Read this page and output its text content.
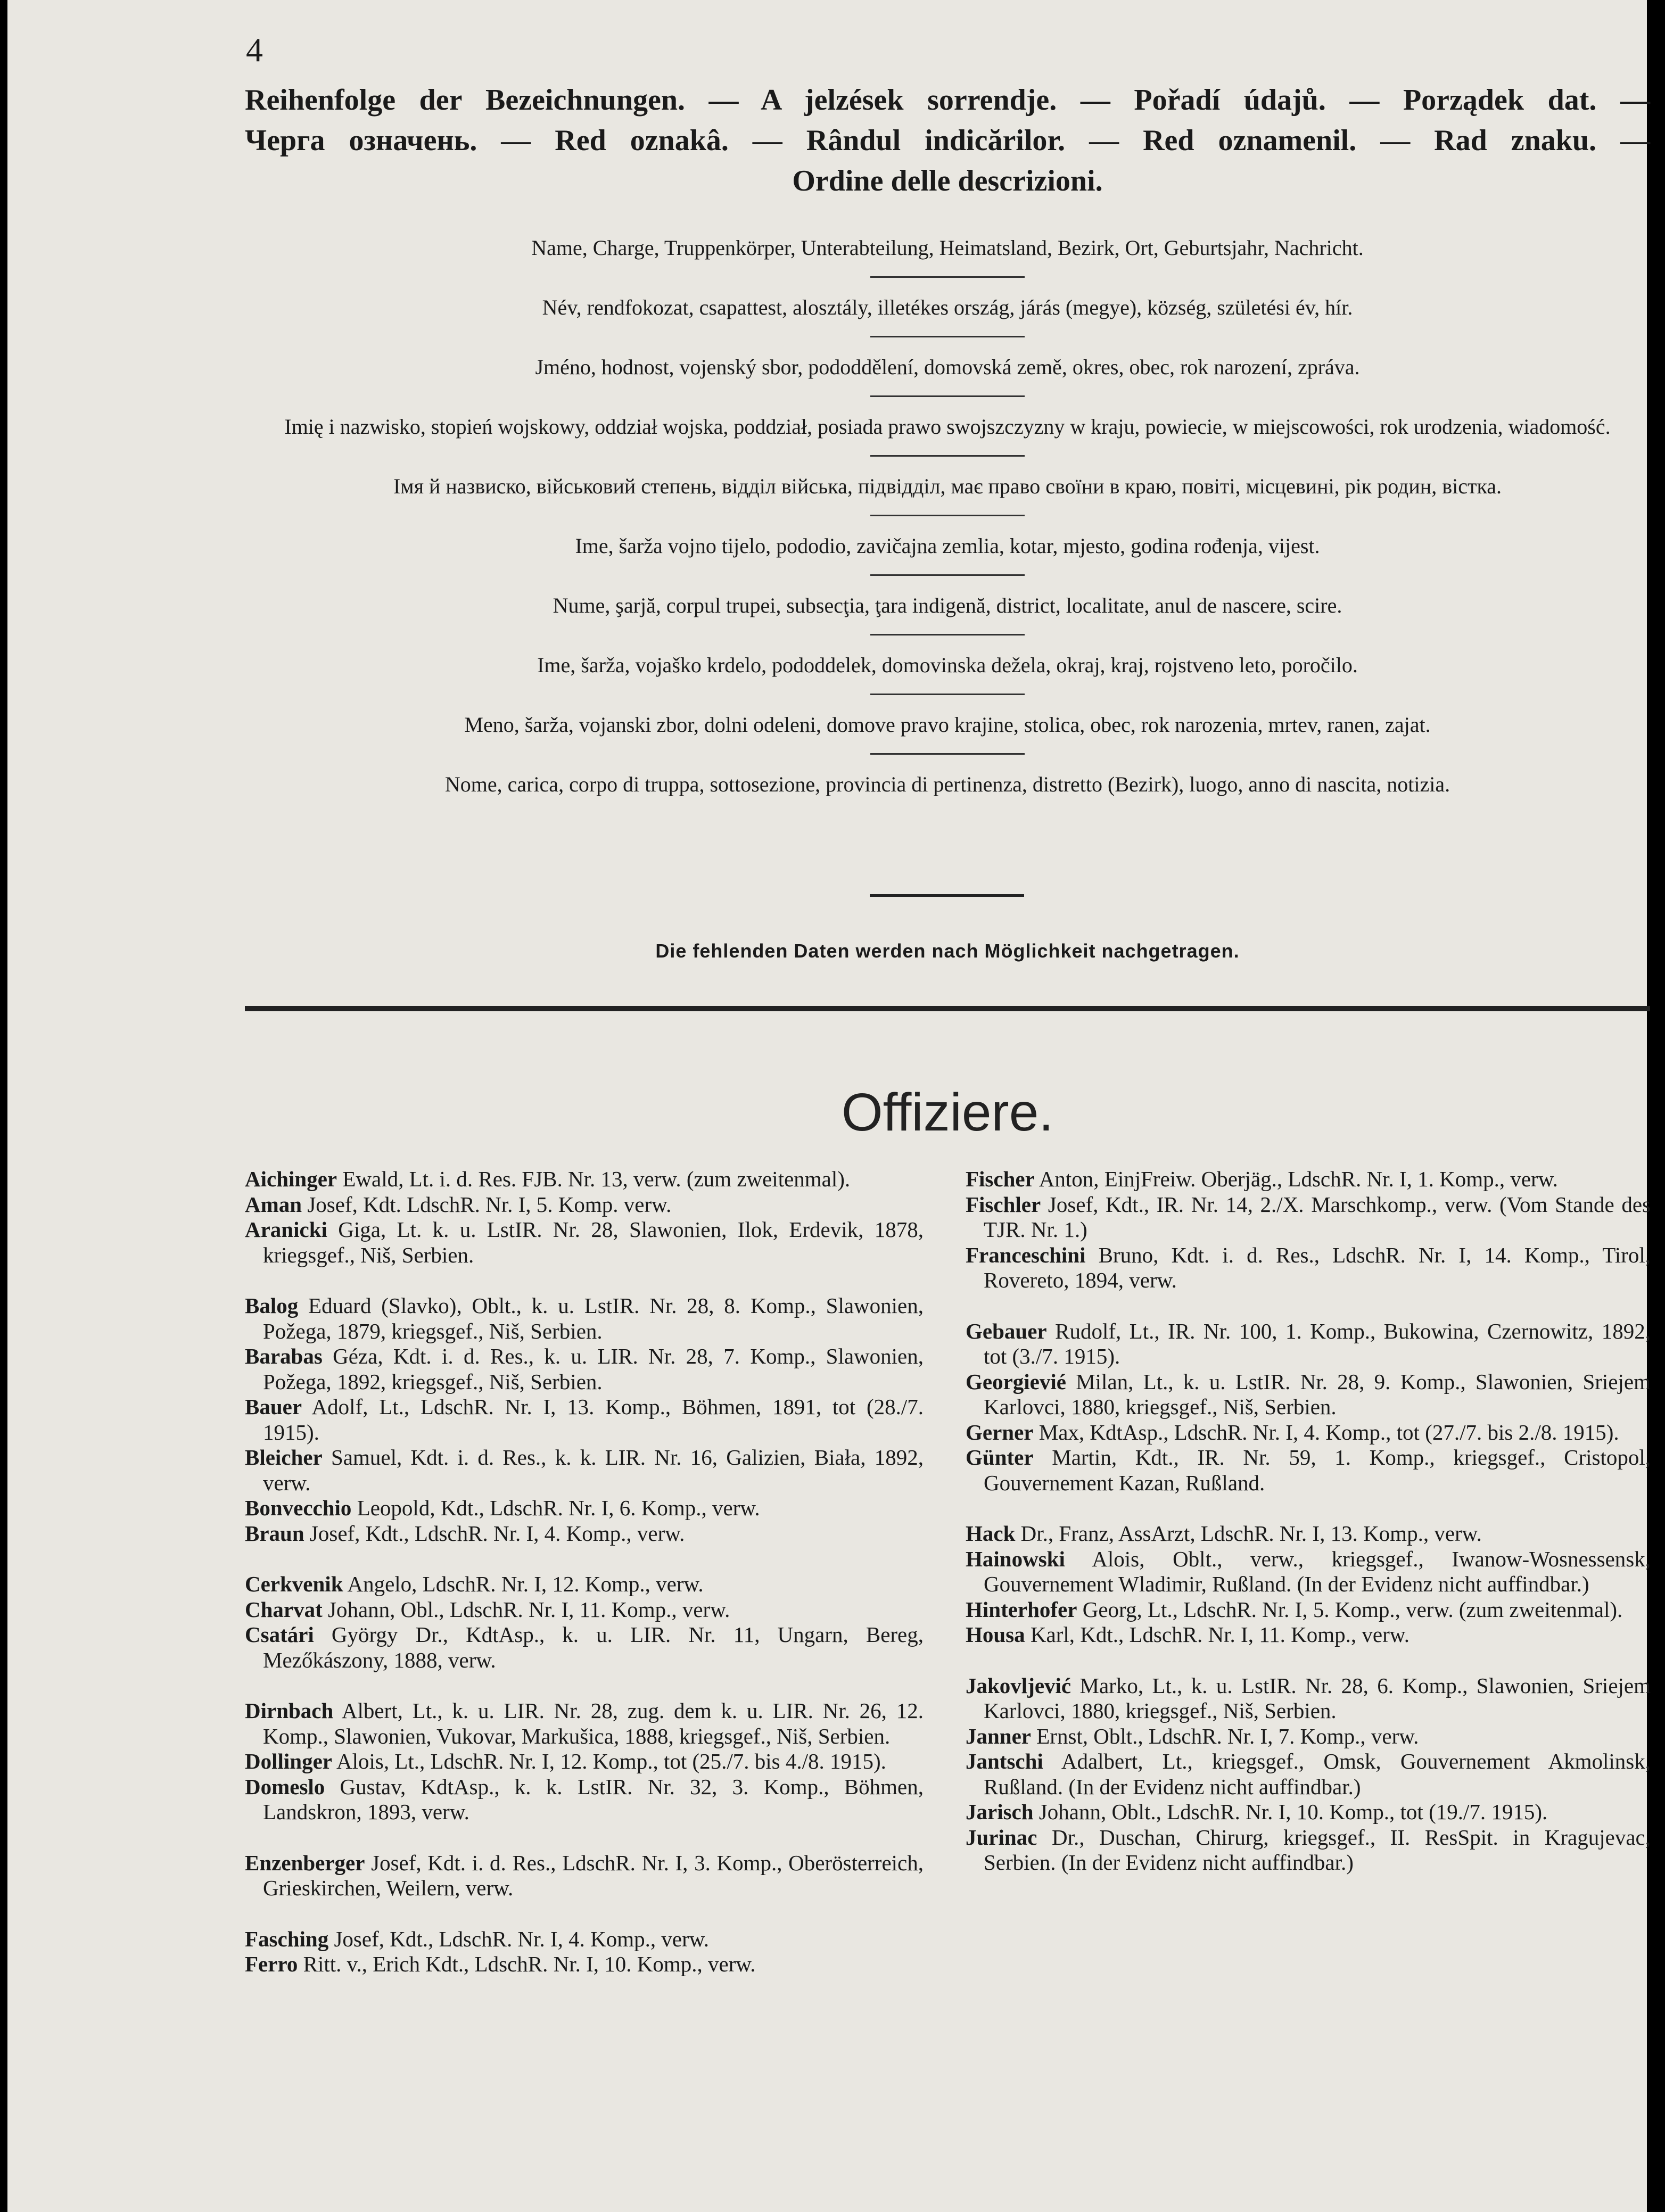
4
Reihenfolge der Bezeichnungen. — A jelzések sorrendje. — Pořadí údajů. — Porządek dat. —
Черга означень. — Red oznakâ. — Rândul indicărilor. — Red oznamenil. — Rad znaku. —
Ordine delle descrizioni.

Name, Charge, Truppenkörper, Unterabteilung, Heimatsland, Bezirk, Ort, Geburtsjahr, Nachricht.

Név, rendfokozat, csapattest, alosztály, illetékes ország, járás (megye), község, születési év, hír.

Jméno, hodnost, vojenský sbor, pododdělení, domovská země, okres, obec, rok narození, zpráva.

Imię i nazwisko, stopień wojskowy, oddział wojska, poddział, posiada prawo swojszczyzny w kraju, powiecie, w miejscowości, rok urodzenia, wiadomość.

Імя й назвиско, військовий степень, відділ війська, підвідділ, має право своїни в краю, повіті, місцевині, рік родин, вістка.

Ime, šarža vojno tijelo, pododio, zavičajna zemlia, kotar, mjesto, godina rođenja, vijest.

Nume, şarjă, corpul trupei, subsecţia, ţara indigenă, district, localitate, anul de nascere, scire.

Ime, šarža, vojaško krdelo, pododdelek, domovinska dežela, okraj, kraj, rojstveno leto, poročilo.

Meno, šarža, vojanski zbor, dolni odeleni, domove pravo krajine, stolica, obec, rok narozenia, mrtev, ranen, zajat.

Nome, carica, corpo di truppa, sottosezione, provincia di pertinenza, distretto (Bezirk), luogo, anno di nascita, notizia.

Die fehlenden Daten werden nach Möglichkeit nachgetragen.
Offiziere.

Aichinger Ewald, Lt. i. d. Res. FJB. Nr. 13, verw. (zum zweitenmal).

Aman Josef, Kdt. LdschR. Nr. I, 5. Komp. verw.

Aranicki Giga, Lt. k. u. LstIR. Nr. 28, Slawonien, Ilok, Erdevik, 1878, kriegsgef., Niš, Serbien.

Balog Eduard (Slavko), Oblt., k. u. LstIR. Nr. 28, 8. Komp., Slawonien, Požega, 1879, kriegsgef., Niš, Serbien.

Barabas Géza, Kdt. i. d. Res., k. u. LIR. Nr. 28, 7. Komp., Slawonien, Požega, 1892, kriegsgef., Niš, Serbien.

Bauer Adolf, Lt., LdschR. Nr. I, 13. Komp., Böhmen, 1891, tot (28./7. 1915).

Bleicher Samuel, Kdt. i. d. Res., k. k. LIR. Nr. 16, Galizien, Biała, 1892, verw.

Bonvecchio Leopold, Kdt., LdschR. Nr. I, 6. Komp., verw.

Braun Josef, Kdt., LdschR. Nr. I, 4. Komp., verw.

Cerkvenik Angelo, LdschR. Nr. I, 12. Komp., verw.

Charvat Johann, Obl., LdschR. Nr. I, 11. Komp., verw.

Csatári György Dr., KdtAsp., k. u. LIR. Nr. 11, Ungarn, Bereg, Mezőkászony, 1888, verw.

Dirnbach Albert, Lt., k. u. LIR. Nr. 28, zug. dem k. u. LIR. Nr. 26, 12. Komp., Slawonien, Vukovar, Markušica, 1888, kriegsgef., Niš, Serbien.

Dollinger Alois, Lt., LdschR. Nr. I, 12. Komp., tot (25./7. bis 4./8. 1915).

Domeslo Gustav, KdtAsp., k. k. LstIR. Nr. 32, 3. Komp., Böhmen, Landskron, 1893, verw.

Enzenberger Josef, Kdt. i. d. Res., LdschR. Nr. I, 3. Komp., Oberösterreich, Grieskirchen, Weilern, verw.

Fasching Josef, Kdt., LdschR. Nr. I, 4. Komp., verw.

Ferro Ritt. v., Erich Kdt., LdschR. Nr. I, 10. Komp., verw.

Fischer Anton, EinjFreiw. Oberjäg., LdschR. Nr. I, 1. Komp., verw.

Fischler Josef, Kdt., IR. Nr. 14, 2./X. Marschkomp., verw. (Vom Stande des TJR. Nr. 1.)

Franceschini Bruno, Kdt. i. d. Res., LdschR. Nr. I, 14. Komp., Tirol, Rovereto, 1894, verw.

Gebauer Rudolf, Lt., IR. Nr. 100, 1. Komp., Bukowina, Czernowitz, 1892, tot (3./7. 1915).

Georgievié Milan, Lt., k. u. LstIR. Nr. 28, 9. Komp., Slawonien, Sriejem Karlovci, 1880, kriegsgef., Niš, Serbien.

Gerner Max, KdtAsp., LdschR. Nr. I, 4. Komp., tot (27./7. bis 2./8. 1915).

Günter Martin, Kdt., IR. Nr. 59, 1. Komp., kriegsgef., Cristopol, Gouvernement Kazan, Rußland.

Hack Dr., Franz, AssArzt, LdschR. Nr. I, 13. Komp., verw.

Hainowski Alois, Oblt., verw., kriegsgef., Iwanow-Wosnessensk, Gouvernement Wladimir, Rußland. (In der Evidenz nicht auffindbar.)

Hinterhofer Georg, Lt., LdschR. Nr. I, 5. Komp., verw. (zum zweitenmal).

Housa Karl, Kdt., LdschR. Nr. I, 11. Komp., verw.

Jakovljević Marko, Lt., k. u. LstIR. Nr. 28, 6. Komp., Slawonien, Sriejem Karlovci, 1880, kriegsgef., Niš, Serbien.

Janner Ernst, Oblt., LdschR. Nr. I, 7. Komp., verw.

Jantschi Adalbert, Lt., kriegsgef., Omsk, Gouvernement Akmolinsk, Rußland. (In der Evidenz nicht auffindbar.)

Jarisch Johann, Oblt., LdschR. Nr. I, 10. Komp., tot (19./7. 1915).

Jurinac Dr., Duschan, Chirurg, kriegsgef., II. ResSpit. in Kragujevac, Serbien. (In der Evidenz nicht auffindbar.)
